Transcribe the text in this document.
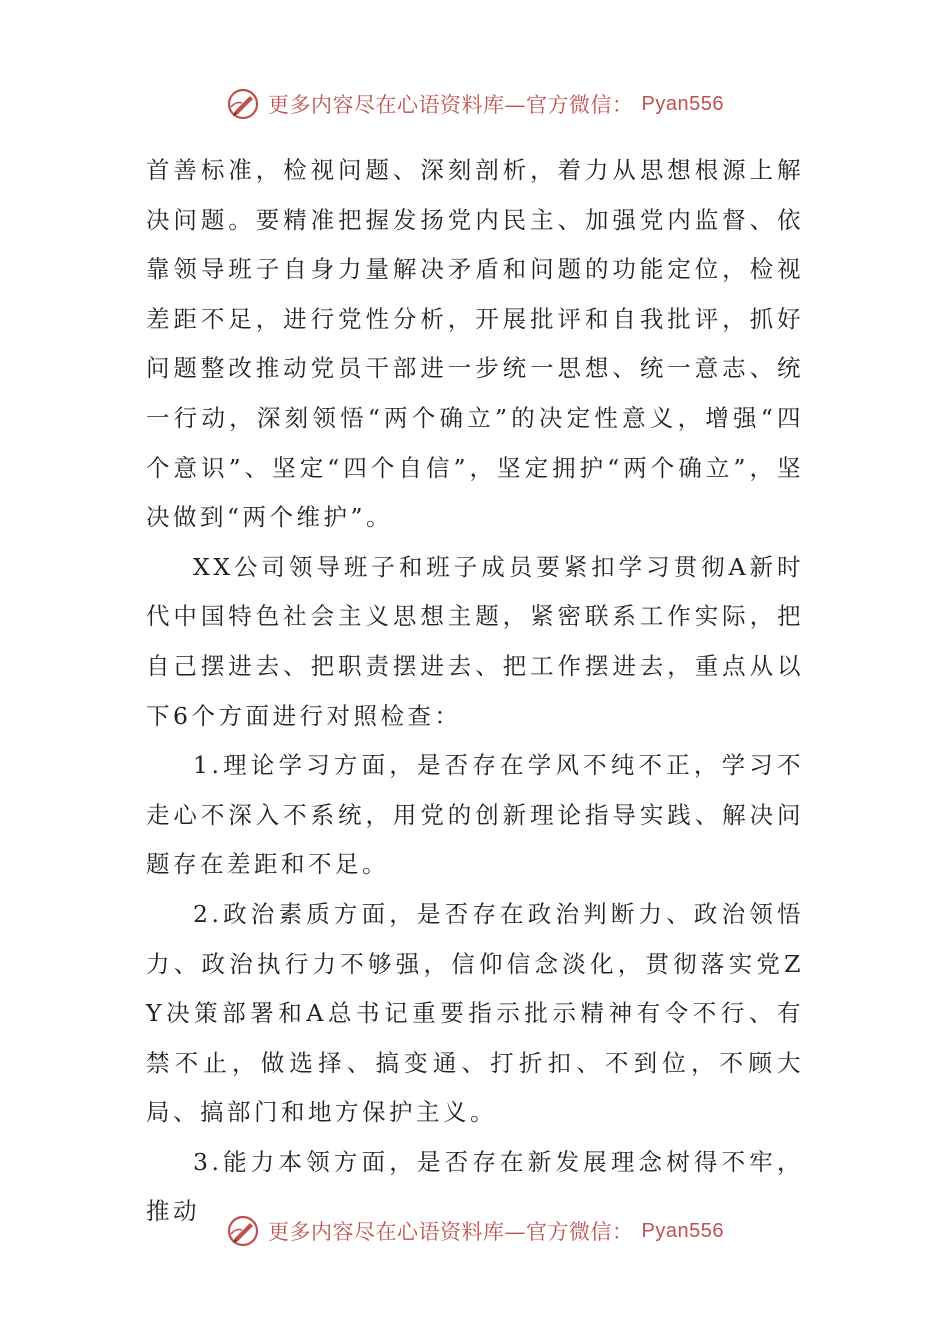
更多内容尽在心语资料库—官方微信： Pyan556

首善标准，检视问题、深刻剖析，着力从思想根源上解决问题。要精准把握发扬党内民主、加强党内监督、依靠领导班子自身力量解决矛盾和问题的功能定位，检视差距不足，进行党性分析，开展批评和自我批评，抓好问题整改推动党员干部进一步统一思想、统一意志、统一行动，深刻领悟“两个确立”的决定性意义，增强“四个意识”、坚定“四个自信”，坚定拥护“两个确立”，坚决做到“两个维护”。

XX公司领导班子和班子成员要紧扣学习贯彻A新时代中国特色社会主义思想主题，紧密联系工作实际，把自己摆进去、把职责摆进去、把工作摆进去，重点从以下6个方面进行对照检查：

1.理论学习方面，是否存在学风不纯不正，学习不走心不深入不系统，用党的创新理论指导实践、解决问题存在差距和不足。

2.政治素质方面，是否存在政治判断力、政治领悟力、政治执行力不够强，信仰信念淡化，贯彻落实党ZY决策部署和A总书记重要指示批示精神有令不行、有禁不止，做选择、搞变通、打折扣、不到位，不顾大局、搞部门和地方保护主义。

3.能力本领方面，是否存在新发展理念树得不牢，推动

更多内容尽在心语资料库—官方微信： Pyan556
